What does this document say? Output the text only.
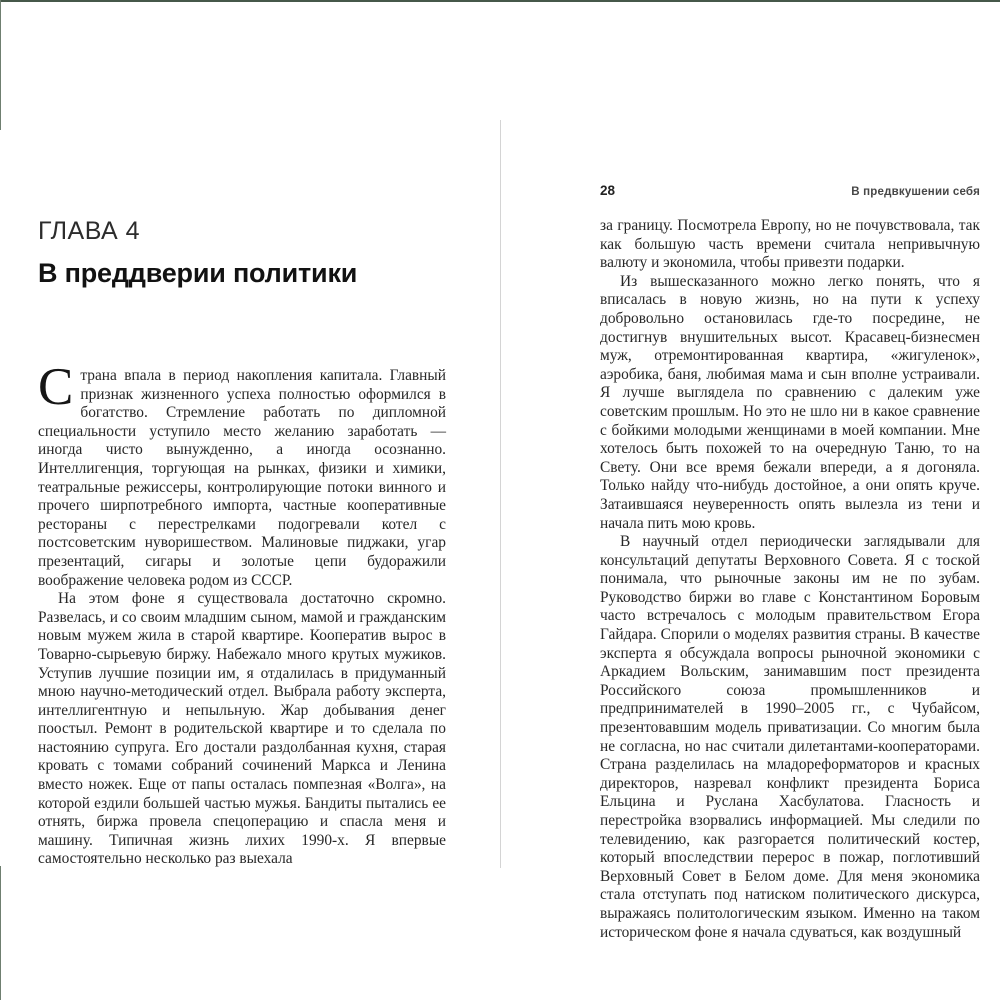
ГЛАВА 4
В преддверии политики

Страна впала в период накопления капитала. Главный признак жизненного успеха полностью оформился в богатство. Стремление работать по дипломной специальности уступило место желанию заработать — иногда чисто вынужденно, а иногда осознанно. Интеллигенция, торгующая на рынках, физики и химики, театральные режиссеры, контролирующие потоки винного и прочего ширпотребного импорта, частные кооперативные рестораны с перестрелками подогревали котел с постсоветским нуворишеством. Малиновые пиджаки, угар презентаций, сигары и золотые цепи будоражили воображение человека родом из СССР.

На этом фоне я существовала достаточно скромно. Развелась, и со своим младшим сыном, мамой и гражданским новым мужем жила в старой квартире. Кооператив вырос в Товарно-сырьевую биржу. Набежало много крутых мужиков. Уступив лучшие позиции им, я отдалилась в придуманный мною научно-методический отдел. Выбрала работу эксперта, интеллигентную и непыльную. Жар добывания денег поостыл. Ремонт в родительской квартире и то сделала по настоянию супруга. Его достали раздолбанная кухня, старая кровать с томами собраний сочинений Маркса и Ленина вместо ножек. Еще от папы осталась помпезная «Волга», на которой ездили большей частью мужья. Бандиты пытались ее отнять, биржа провела спецоперацию и спасла меня и машину. Типичная жизнь лихих 1990-х. Я впервые самостоятельно несколько раз выехала

28	В предвкушении себя

за границу. Посмотрела Европу, но не почувствовала, так как большую часть времени считала непривычную валюту и экономила, чтобы привезти подарки.

Из вышесказанного можно легко понять, что я вписалась в новую жизнь, но на пути к успеху добровольно остановилась где-то посредине, не достигнув внушительных высот. Красавец-бизнесмен муж, отремонтированная квартира, «жигуленок», аэробика, баня, любимая мама и сын вполне устраивали. Я лучше выглядела по сравнению с далеким уже советским прошлым. Но это не шло ни в какое сравнение с бойкими молодыми женщинами в моей компании. Мне хотелось быть похожей то на очередную Таню, то на Свету. Они все время бежали впереди, а я догоняла. Только найду что-нибудь достойное, а они опять круче. Затаившаяся неуверенность опять вылезла из тени и начала пить мою кровь.

В научный отдел периодически заглядывали для консультаций депутаты Верховного Совета. Я с тоской понимала, что рыночные законы им не по зубам. Руководство биржи во главе с Константином Боровым часто встречалось с молодым правительством Егора Гайдара. Спорили о моделях развития страны. В качестве эксперта я обсуждала вопросы рыночной экономики с Аркадием Вольским, занимавшим пост президента Российского союза промышленников и предпринимателей в 1990–2005 гг., с Чубайсом, презентовавшим модель приватизации. Со многим была не согласна, но нас считали дилетантами-кооператорами. Страна разделилась на младореформаторов и красных директоров, назревал конфликт президента Бориса Ельцина и Руслана Хасбулатова. Гласность и перестройка взорвались информацией. Мы следили по телевидению, как разгорается политический костер, который впоследствии перерос в пожар, поглотивший Верховный Совет в Белом доме. Для меня экономика стала отступать под натиском политического дискурса, выражаясь политологическим языком. Именно на таком историческом фоне я начала сдуваться, как воздушный
